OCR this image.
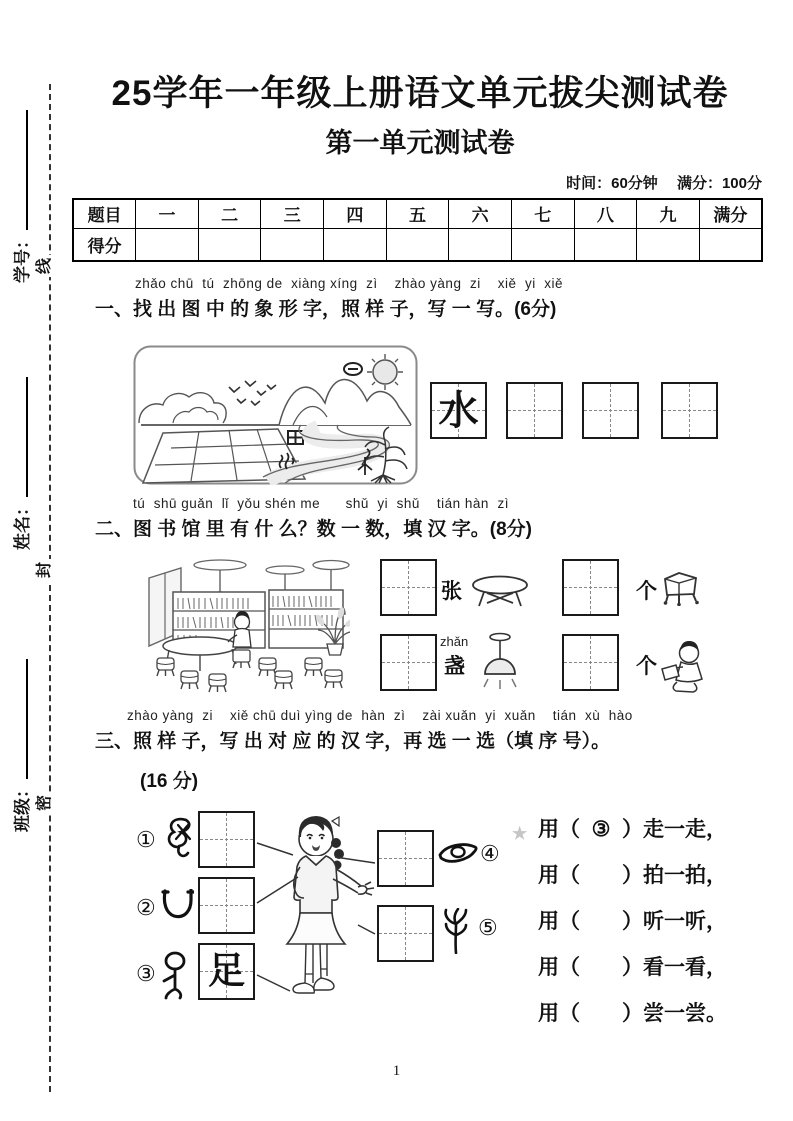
学号：
姓名：
班级：
线
封
密
25学年一年级上册语文单元拔尖测试卷
第一单元测试卷
时间：60分钟　 满分：100分
题目	一	二	三	四	五	六	七	八	九	满分
得分										
zhǎo chū  tú  zhōng de  xiàng xíng  zì    zhào yàng  zi    xiě  yi  xiě
一、找 出 图 中 的 象 形 字，照 样 子，写 一 写。(6分)
水
tú  shū guǎn  lǐ  yǒu shén me      shǔ  yi  shǔ    tián hàn  zì
二、图 书 馆 里 有 什 么？数 一 数，填 汉 字。(8分)
张	个
zhǎn
盏	个
zhào yàng  zi    xiě chū duì yìng de  hàn  zì    zài xuǎn  yi  xuǎn    tián  xù  hào
三、照 样 子，写 出 对 应 的 汉 字，再 选 一 选（填 序 号）。
(16 分)
①
②
③ 足
④
⑤
★ 用（ ③ ）走一走，
用（ ）拍一拍，
用（ ）听一听，
用（ ）看一看，
用（ ）尝一尝。
1
